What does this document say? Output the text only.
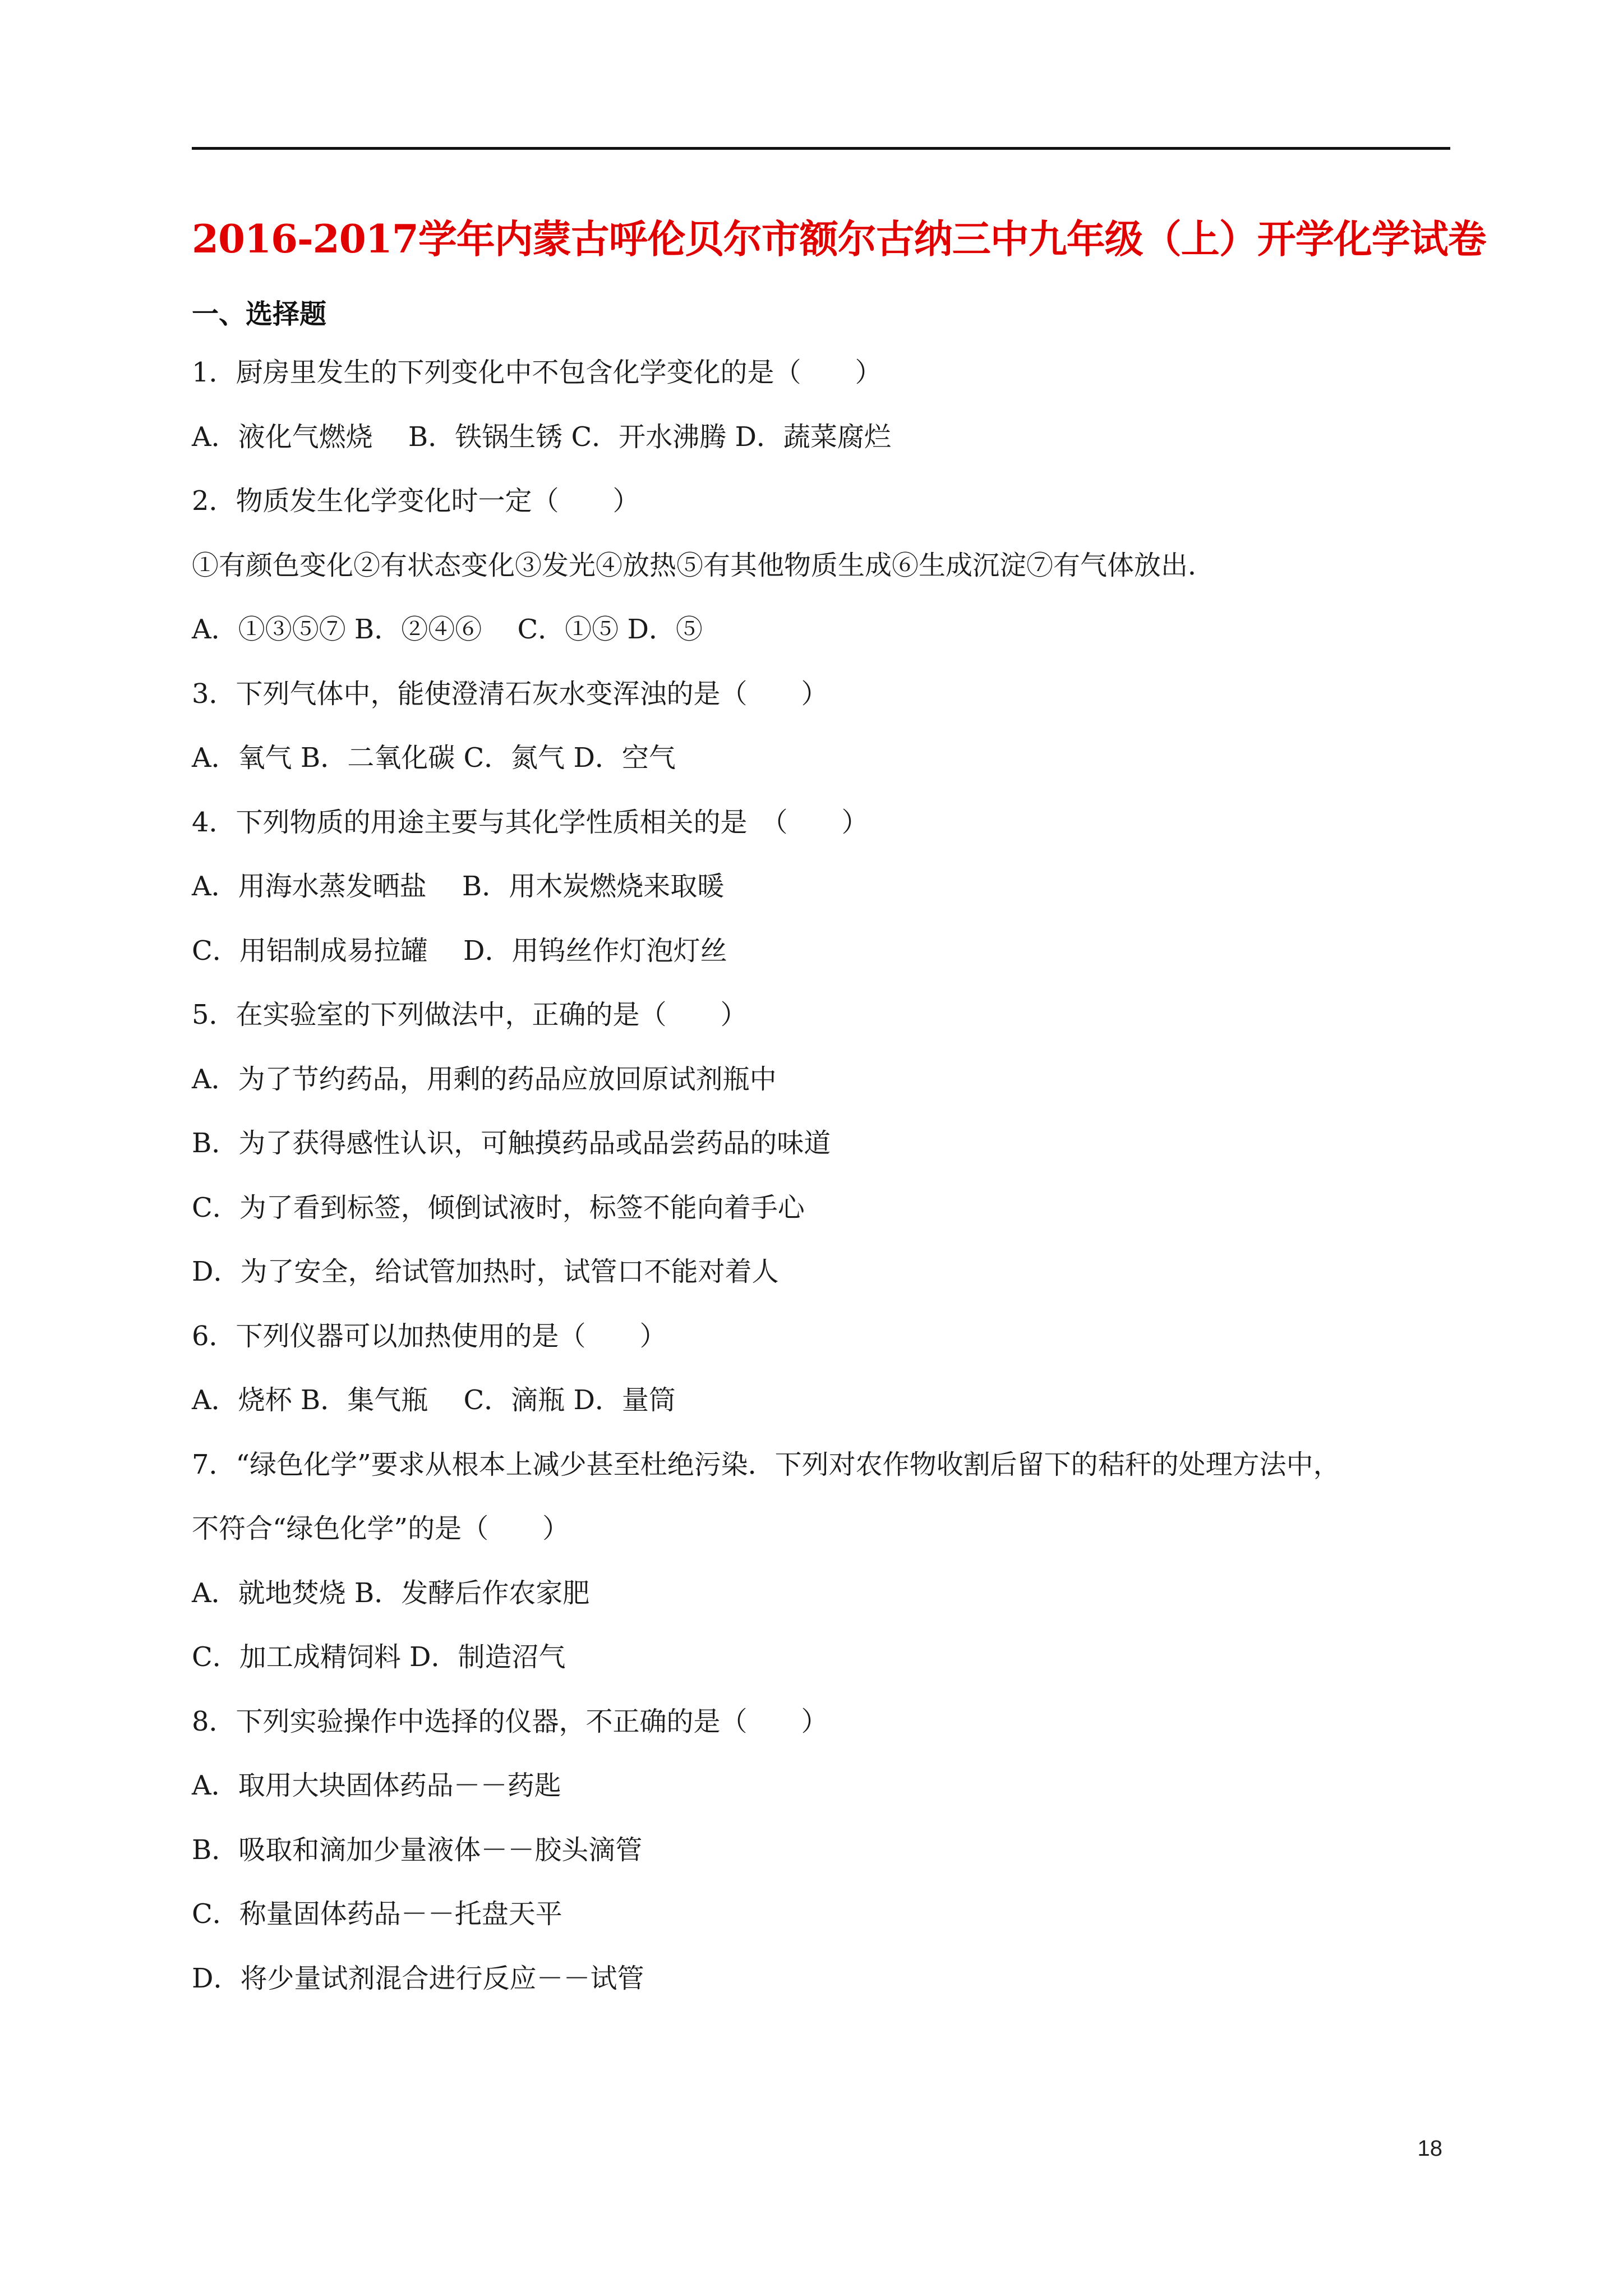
2016-2017学年内蒙古呼伦贝尔市额尔古纳三中九年级（上）开学化学试卷
一、选择题
1．厨房里发生的下列变化中不包含化学变化的是（　　）
A．液化气燃烧　 B．铁锅生锈 C．开水沸腾 D．蔬菜腐烂
2．物质发生化学变化时一定（　　）
①有颜色变化②有状态变化③发光④放热⑤有其他物质生成⑥生成沉淀⑦有气体放出．
A．①③⑤⑦ B．②④⑥　 C．①⑤ D．⑤
3．下列气体中，能使澄清石灰水变浑浊的是（　　）
A．氧气 B．二氧化碳 C．氮气 D．空气
4．下列物质的用途主要与其化学性质相关的是　（　　）
A．用海水蒸发晒盐　 B．用木炭燃烧来取暖
C．用铝制成易拉罐　 D．用钨丝作灯泡灯丝
5．在实验室的下列做法中，正确的是（　　）
A．为了节约药品，用剩的药品应放回原试剂瓶中
B．为了获得感性认识，可触摸药品或品尝药品的味道
C．为了看到标签，倾倒试液时，标签不能向着手心
D．为了安全，给试管加热时，试管口不能对着人
6．下列仪器可以加热使用的是（　　）
A．烧杯 B．集气瓶　 C．滴瓶 D．量筒
7．“绿色化学”要求从根本上减少甚至杜绝污染．下列对农作物收割后留下的秸秆的处理方法中，
不符合“绿色化学”的是（　　）
A．就地焚烧 B．发酵后作农家肥
C．加工成精饲料 D．制造沼气
8．下列实验操作中选择的仪器，不正确的是（　　）
A．取用大块固体药品－－药匙
B．吸取和滴加少量液体－－胶头滴管
C．称量固体药品－－托盘天平
D．将少量试剂混合进行反应－－试管
18
